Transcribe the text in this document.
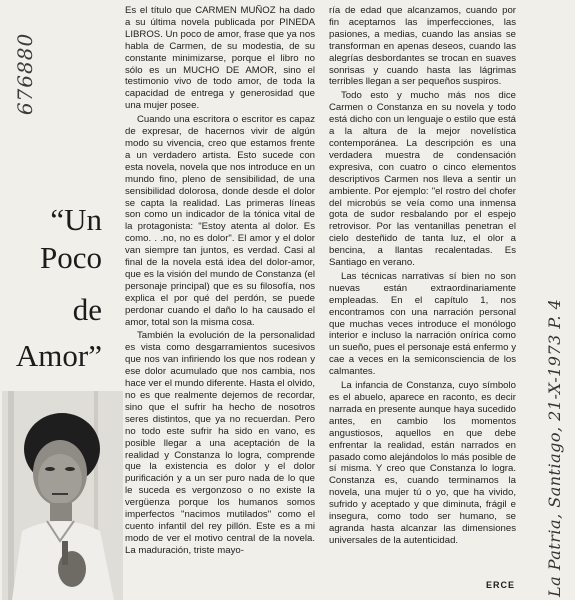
676880
“Un
Poco
de
Amor”

Es el título que CARMEN MUÑOZ ha dado a su última novela publicada por PINEDA LIBROS. Un poco de amor, frase que ya nos habla de Carmen, de su modestia, de su constante minimizarse, porque el libro no sólo es un MUCHO DE AMOR, sino el testimonio vivo de todo amor, de toda la capacidad de entrega y generosidad que una mujer posee.

Cuando una escritora o escritor es capaz de expresar, de hacernos vivir de algún modo su vivencia, creo que estamos frente a un verdadero artista. Esto sucede con esta novela, novela que nos introduce en un mundo fino, pleno de sensibilidad, de una sensibilidad dolorosa, donde desde el dolor se capta la realidad. Las primeras líneas son como un indicador de la tónica vital de la protagonista: "Estoy atenta al dolor. Es como. . .no, no es dolor". El amor y el dolor van siempre tan juntos, es verdad. Casi al final de la novela está idea del dolor-amor, que es la visión del mundo de Constanza (el personaje principal) que es su filosofía, nos explica el por qué del perdón, se puede perdonar cuando el daño lo ha causado el amor, total son la misma cosa.

También la evolución de la personalidad es vista como desgarramientos sucesivos que nos van infiriendo los que nos rodean y ese dolor acumulado que nos cambia, nos hace ver el mundo diferente. Hasta el olvido, no es que realmente dejemos de recordar, sino que el sufrir ha hecho de nosotros seres distintos, que ya no recuerdan. Pero no todo este sufrir ha sido en vano, es posible llegar a una aceptación de la realidad y Constanza lo logra, comprende que la existencia es dolor y el dolor purificación y a un ser puro nada de lo que le suceda es vergonzoso o no existe la vergüenza porque los humanos somos imperfectos "nacimos mutilados" como el cuento infantil del rey pillón. Este es a mi modo de ver el motivo central de la novela. La maduración, triste mayo-

ría de edad que alcanzamos, cuando por fin aceptamos las imperfecciones, las pasiones, a medias, cuando las ansias se transforman en apenas deseos, cuando las alegrías desbordantes se trocan en suaves sonrisas y cuando hasta las lágrimas terribles llegan a ser pequeños suspiros.

Todo esto y mucho más nos dice Carmen o Constanza en su novela y todo está dicho con un lenguaje o estilo que está a la altura de la mejor novelística contemporánea. La descripción es una verdadera muestra de condensación expresiva, con cuatro o cinco elementos descriptivos Carmen nos lleva a sentir un ambiente. Por ejemplo: "el rostro del chofer del microbús se veía como una inmensa gota de sudor resbalando por el espejo retrovisor. Por las ventanillas penetran el cielo desteñido de tanta luz, el olor a bencina, a llantas recalentadas. Es Santiago en verano.

Las técnicas narrativas sí bien no son nuevas están extraordinariamente empleadas. En el capítulo 1, nos encontramos con una narración personal que muchas veces introduce el monólogo interior e incluso la narración onírica como un sueño, pues el personaje está enfermo y cae a veces en la semiconsciencia de los calmantes.

La infancia de Constanza, cuyo símbolo es el abuelo, aparece en raconto, es decir narrada en presente aunque haya sucedido antes, en cambio los momentos angustiosos, aquellos en que debe enfrentar la realidad, están narrados en pasado como alejándolos lo más posible de sí misma. Y creo que Constanza lo logra. Constanza es, cuando terminamos la novela, una mujer tú o yo, que ha vivido, sufrido y aceptado y que diminuta, frágil e insegura, como todo ser humano, se agranda hasta alcanzar las dimensiones universales de la autenticidad.

ERCE La Patria, Santiago, 21-X-1973 P. 4
